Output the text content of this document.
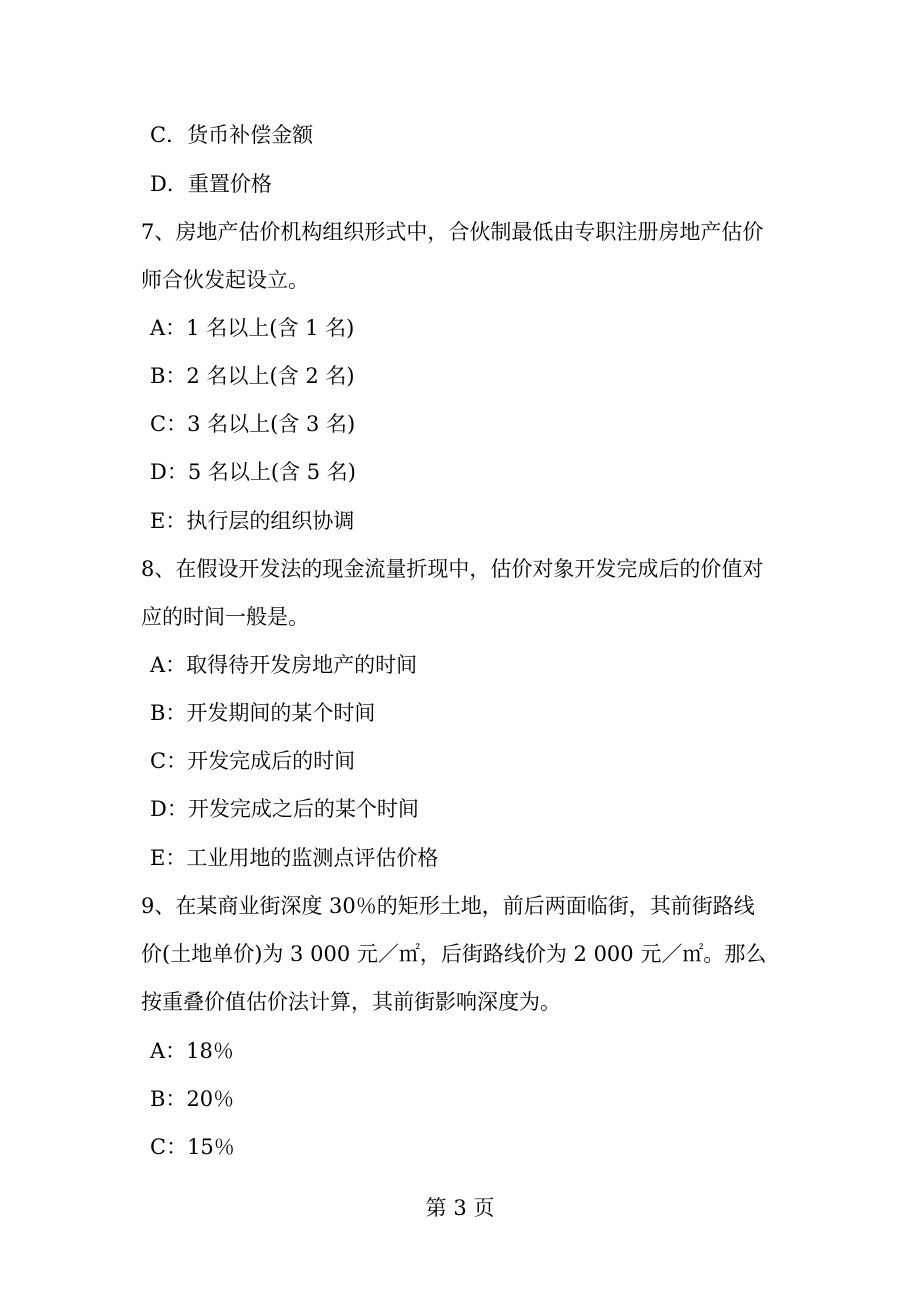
C．货币补偿金额
D．重置价格
7、房地产估价机构组织形式中，合伙制最低由专职注册房地产估价
师合伙发起设立。
A：1 名以上(含 1 名)
B：2 名以上(含 2 名)
C：3 名以上(含 3 名)
D：5 名以上(含 5 名)
E：执行层的组织协调
8、在假设开发法的现金流量折现中，估价对象开发完成后的价值对
应的时间一般是。
A：取得待开发房地产的时间
B：开发期间的某个时间
C：开发完成后的时间
D：开发完成之后的某个时间
E：工业用地的监测点评估价格
9、在某商业街深度 30％的矩形土地，前后两面临街，其前街路线
价(土地单价)为 3 000 元／㎡，后街路线价为 2 000 元／㎡。那么
按重叠价值估价法计算，其前街影响深度为。
A：18％
B：20％
C：15％
第 3 页
